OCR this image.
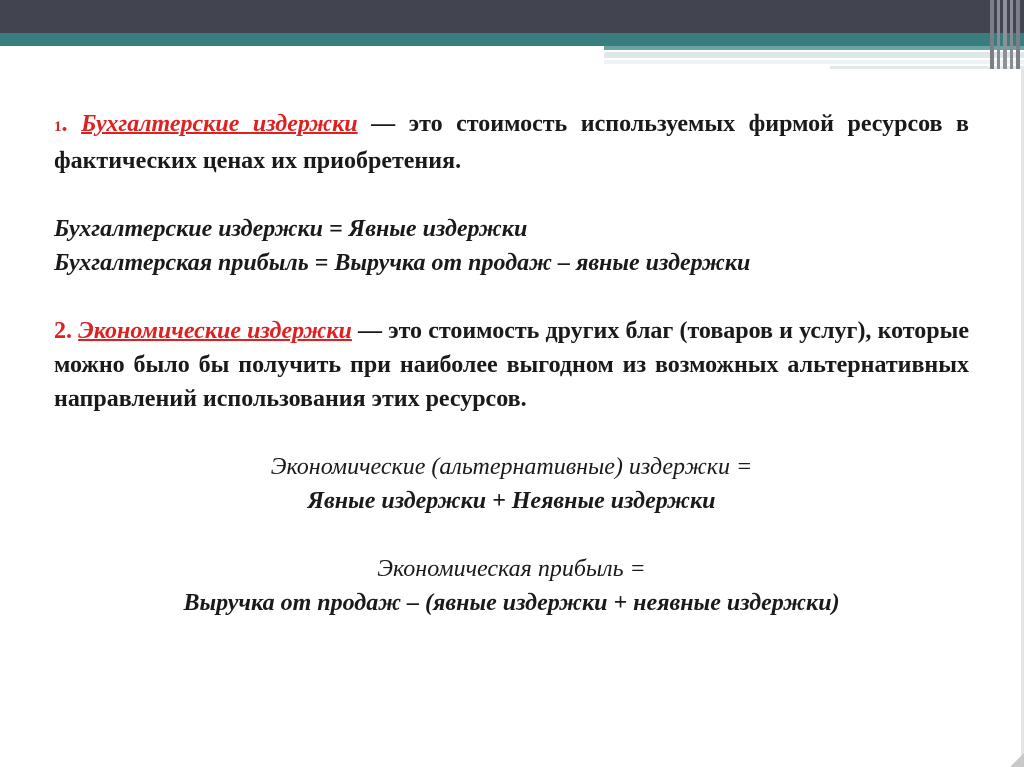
1. Бухгалтерские издержки — это стоимость используемых фирмой ресурсов в фактических ценах их приобретения.

Бухгалтерские издержки = Явные издержки

Бухгалтерская прибыль = Выручка от продаж – явные издержки

2. Экономические издержки — это стоимость других благ (товаров и услуг), которые можно было бы получить при наиболее выгодном из возможных альтернативных направлений использования этих ресурсов.

Экономические (альтернативные) издержки =

Явные издержки + Неявные издержки

Экономическая прибыль =

Выручка от продаж – (явные издержки + неявные издержки)
